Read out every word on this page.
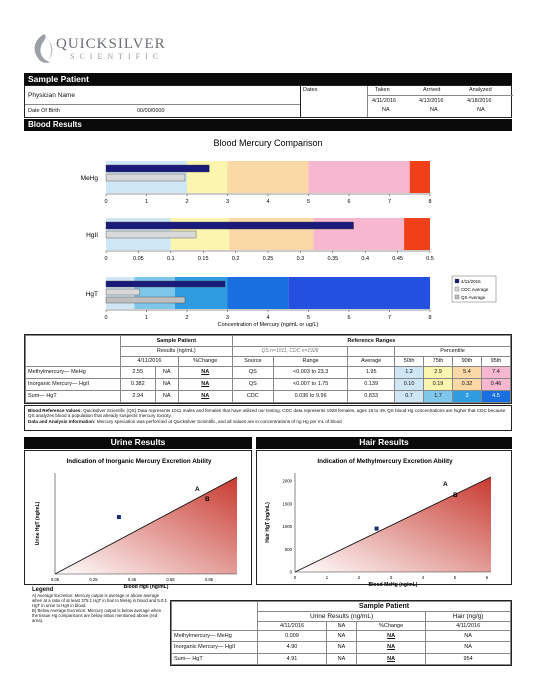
QUICKSILVER
SCIENTIFIC
Sample Patient
Physician Name
Date Of Birth	00/00/0000
Dates	Taken	Arrived	Analyzed
4/11/2016	4/13/2016	4/18/2016
NA	NA	NA
Blood Results
Blood Mercury Comparison
MeHg
0	1	2	3	4	5	6	7	8
HgII
0	0.05	0.1	0.15	0.2	0.25	0.3	0.35	0.4	0.45	0.5
HgT
0	1	2	3	4	5	6	7	8
Concentration of Mercury (ng/mL or ug/L)
4/11/2016
CDC Average
QS Average
	Sample Patient			Reference Ranges						
	Results (ng/mL)			QS n=1011, CDC n=1928			Percentile			
	4/11/2016		%Change	Source	Range	Average	50th	75th	90th	95th
Methylmercury— MeHg	2.55	NA	NA	QS	<0.003 to 23.3	1.95	1.2	2.9	5.4	7.4
Inorganic Mercury— HgII	0.382	NA	NA	QS	<0.007 to 1.75	0.139	0.10	0.19	0.32	0.46
Sum— HgT	2.94	NA	NA	CDC	0.036 to 9.96	0.833	0.7	1.7	3	4.5
Blood Reference Values: Quicksilver Scientific (QS) Data represents 1011 males and females that have utilized our testing. CDC data represents 1928 females, ages 16 to 49. QS blood Hg concentrations are higher that CDC because QS analyzes blood a population that already suspects mercury toxicity.
Data and Analysis Information: Mercury speciation was performed at Quicksilver Scientific, and all values are in concentrations of ng Hg per mL of blood
Urine Results	Hair Results
Indication of Inorganic Mercury Excretion Ability
0.05	0.25	0.45	0.65	0.85
Blood HgII (ng/mL)
Urine HgT (ng/mL)
A
B
Indication of Methylmercury Excretion Ability
0	1	2	3	4	5	6
0
500
1000
1500
2000
Blood MeHg (ng/mL)
Hair HgT (ng/mL)
A
B
Legend
A) Average Excretion: Mercury output is average or above average when at a ratio of at least 375:1 HgT in hair to MeHg in blood and 5.0:1 HgT in urine to HgII in blood.
B) Below Average Excretion: Mercury output is below average when the tissue Hg comparisons are below ratios mentioned above (red area).
	Sample Patient			
	Urine Results (ng/mL)			Hair (ng/g)
	4/11/2016	NA	%Change	4/11/2016
Methylmercury— MeHg	0.009	NA	NA	NA
Inorganic Mercury— HgII	4.90	NA	NA	NA
Sum— HgT	4.91	NA	NA	954
